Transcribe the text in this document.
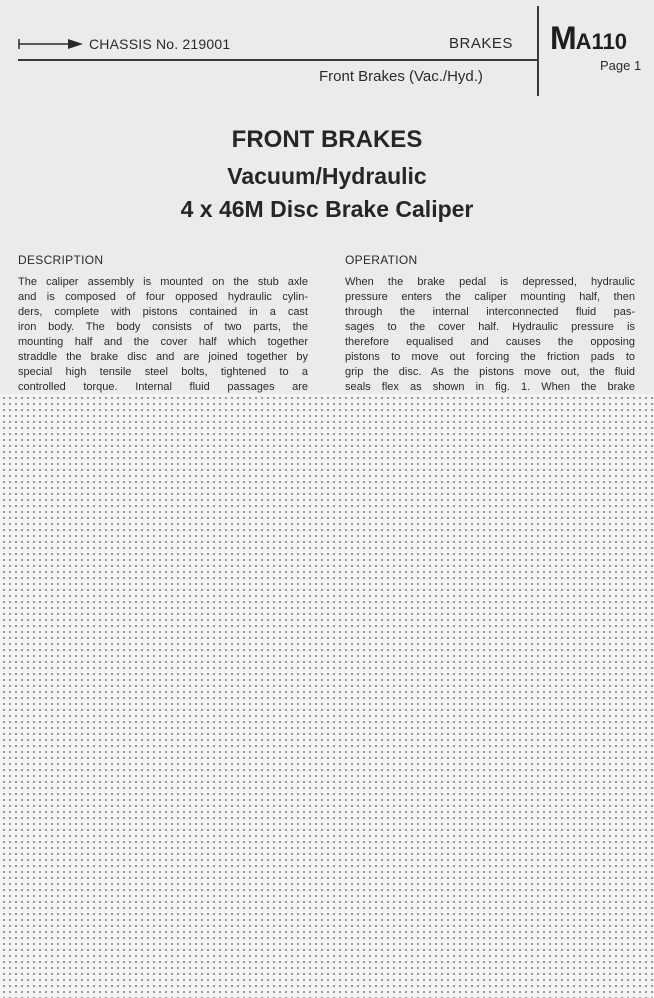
CHASSIS No. 219001	BRAKES
Front Brakes (Vac./Hyd.)
MA110
Page 1
FRONT BRAKES
Vacuum/Hydraulic
4 x 46M Disc Brake Caliper
DESCRIPTION
The caliper assembly is mounted on the stub axle
and is composed of four opposed hydraulic cylin-
ders, complete with pistons contained in a cast
iron body. The body consists of two parts, the
mounting half and the cover half which together
straddle the brake disc and are joined together by
special high tensile steel bolts, tightened to a
controlled torque. Internal fluid passages are
OPERATION
When the brake pedal is depressed, hydraulic
pressure enters the caliper mounting half, then
through the internal interconnected fluid pas-
sages to the cover half. Hydraulic pressure is
therefore equalised and causes the opposing
pistons to move out forcing the friction pads to
grip the disc. As the pistons move out, the fluid
seals flex as shown in fig. 1. When the brake
